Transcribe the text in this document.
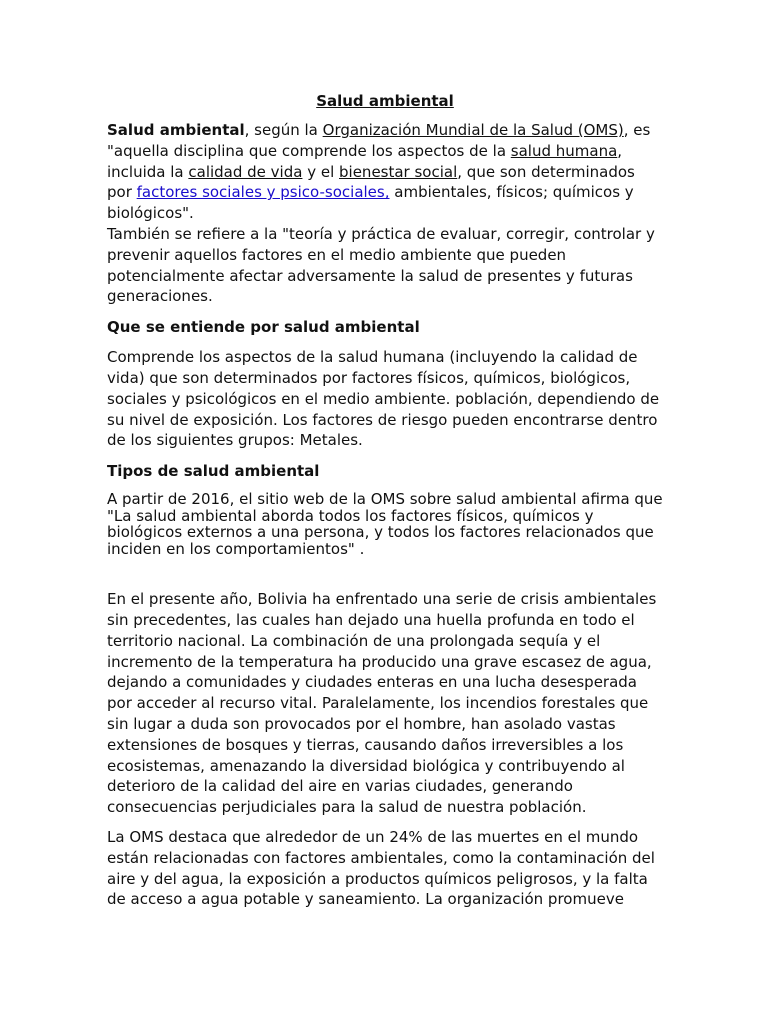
Salud ambiental

Salud ambiental, según la Organización Mundial de la Salud (OMS), es "aquella disciplina que comprende los aspectos de la salud humana, incluida la calidad de vida y el bienestar social, que son determinados por factores sociales y psico-sociales, ambientales, físicos; químicos y biológicos".
También se refiere a la "teoría y práctica de evaluar, corregir, controlar y prevenir aquellos factores en el medio ambiente que pueden potencialmente afectar adversamente la salud de presentes y futuras generaciones.

Que se entiende por salud ambiental

Comprende los aspectos de la salud humana (incluyendo la calidad de vida) que son determinados por factores físicos, químicos, biológicos, sociales y psicológicos en el medio ambiente. población, dependiendo de su nivel de exposición. Los factores de riesgo pueden encontrarse dentro de los siguientes grupos: Metales.

Tipos de salud ambiental

A partir de 2016, el sitio web de la OMS sobre salud ambiental afirma que "La salud ambiental aborda todos los factores físicos, químicos y biológicos externos a una persona, y todos los factores relacionados que inciden en los comportamientos" .

En el presente año, Bolivia ha enfrentado una serie de crisis ambientales sin precedentes, las cuales han dejado una huella profunda en todo el territorio nacional. La combinación de una prolongada sequía y el incremento de la temperatura ha producido una grave escasez de agua, dejando a comunidades y ciudades enteras en una lucha desesperada por acceder al recurso vital. Paralelamente, los incendios forestales que sin lugar a duda son provocados por el hombre, han asolado vastas extensiones de bosques y tierras, causando daños irreversibles a los ecosistemas, amenazando la diversidad biológica y contribuyendo al deterioro de la calidad del aire en varias ciudades, generando consecuencias perjudiciales para la salud de nuestra población.

La OMS destaca que alrededor de un 24% de las muertes en el mundo están relacionadas con factores ambientales, como la contaminación del aire y del agua, la exposición a productos químicos peligrosos, y la falta de acceso a agua potable y saneamiento. La organización promueve
